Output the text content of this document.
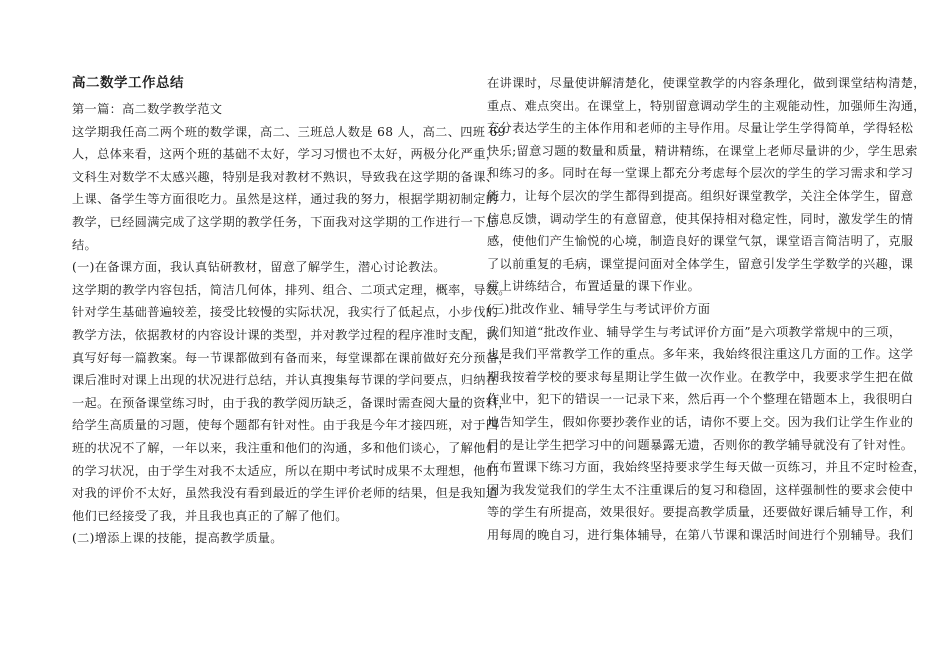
高二数学工作总结
第一篇：高二数学教学范文
这学期我任高二两个班的数学课，高二、三班总人数是 68 人，高二、四班 69
人，总体来看，这两个班的基础不太好，学习习惯也不太好，两极分化严重，
文科生对数学不太感兴趣，特别是我对教材不熟识，导致我在这学期的备课、
上课、备学生等方面很吃力。虽然是这样，通过我的努力，根据学期初制定的
教学，已经圆满完成了这学期的教学任务，下面我对这学期的工作进行一下总
结。
(一)在备课方面，我认真钻研教材，留意了解学生，潜心讨论教法。
这学期的教学内容包括，简洁几何体，排列、组合、二项式定理，概率，导数。
针对学生基础普遍较差，接受比较慢的实际状况，我实行了低起点，小步伐的
教学方法，依据教材的内容设计课的类型，并对教学过程的程序准时支配，认
真写好每一篇教案。每一节课都做到有备而来，每堂课都在课前做好充分预备，
课后准时对课上出现的状况进行总结，并认真搜集每节课的学问要点，归纳在
一起。在预备课堂练习时，由于我的教学阅历缺乏，备课时需查阅大量的资料，
给学生高质量的习题，使每个题都有针对性。由于我是今年才接四班，对于四
班的状况不了解，一年以来，我注重和他们的沟通，多和他们谈心，了解他们
的学习状况，由于学生对我不太适应，所以在期中考试时成果不太理想，他们
对我的评价不太好，虽然我没有看到最近的学生评价老师的结果，但是我知道
他们已经接受了我，并且我也真正的了解了他们。
(二)增添上课的技能，提高教学质量。
在讲课时，尽量使讲解清楚化，使课堂教学的内容条理化，做到课堂结构清楚，
重点、难点突出。在课堂上，特别留意调动学生的主观能动性，加强师生沟通，
充分表达学生的主体作用和老师的主导作用。尽量让学生学得简单，学得轻松
快乐;留意习题的数量和质量，精讲精练，在课堂上老师尽量讲的少，学生思索
和练习的多。同时在每一堂课上都充分考虑每个层次的学生的学习需求和学习
能力，让每个层次的学生都得到提高。组织好课堂教学，关注全体学生，留意
信息反馈，调动学生的有意留意，使其保持相对稳定性，同时，激发学生的情
感，使他们产生愉悦的心境，制造良好的课堂气氛，课堂语言简洁明了，克服
了以前重复的毛病，课堂提问面对全体学生，留意引发学生学数学的兴趣，课
堂上讲练结合，布置适量的课下作业。
(三)批改作业、辅导学生与考试评价方面
我们知道“批改作业、辅导学生与考试评价方面”是六项教学常规中的三项，
也是我们平常教学工作的重点。多年来，我始终很注重这几方面的工作。这学
期我按着学校的要求每星期让学生做一次作业。在教学中，我要求学生把在做
作业中，犯下的错误一一记录下来，然后再一个个整理在错题本上，我很明白
地告知学生，假如你要抄袭作业的话，请你不要上交。因为我们让学生作业的
目的是让学生把学习中的问题暴露无遗，否则你的教学辅导就没有了针对性。
在布置课下练习方面，我始终坚持要求学生每天做一页练习，并且不定时检查，
因为我发觉我们的学生太不注重课后的复习和稳固，这样强制性的要求会使中
等的学生有所提高，效果很好。要提高教学质量，还要做好课后辅导工作，利
用每周的晚自习，进行集体辅导，在第八节课和课活时间进行个别辅导。我们
